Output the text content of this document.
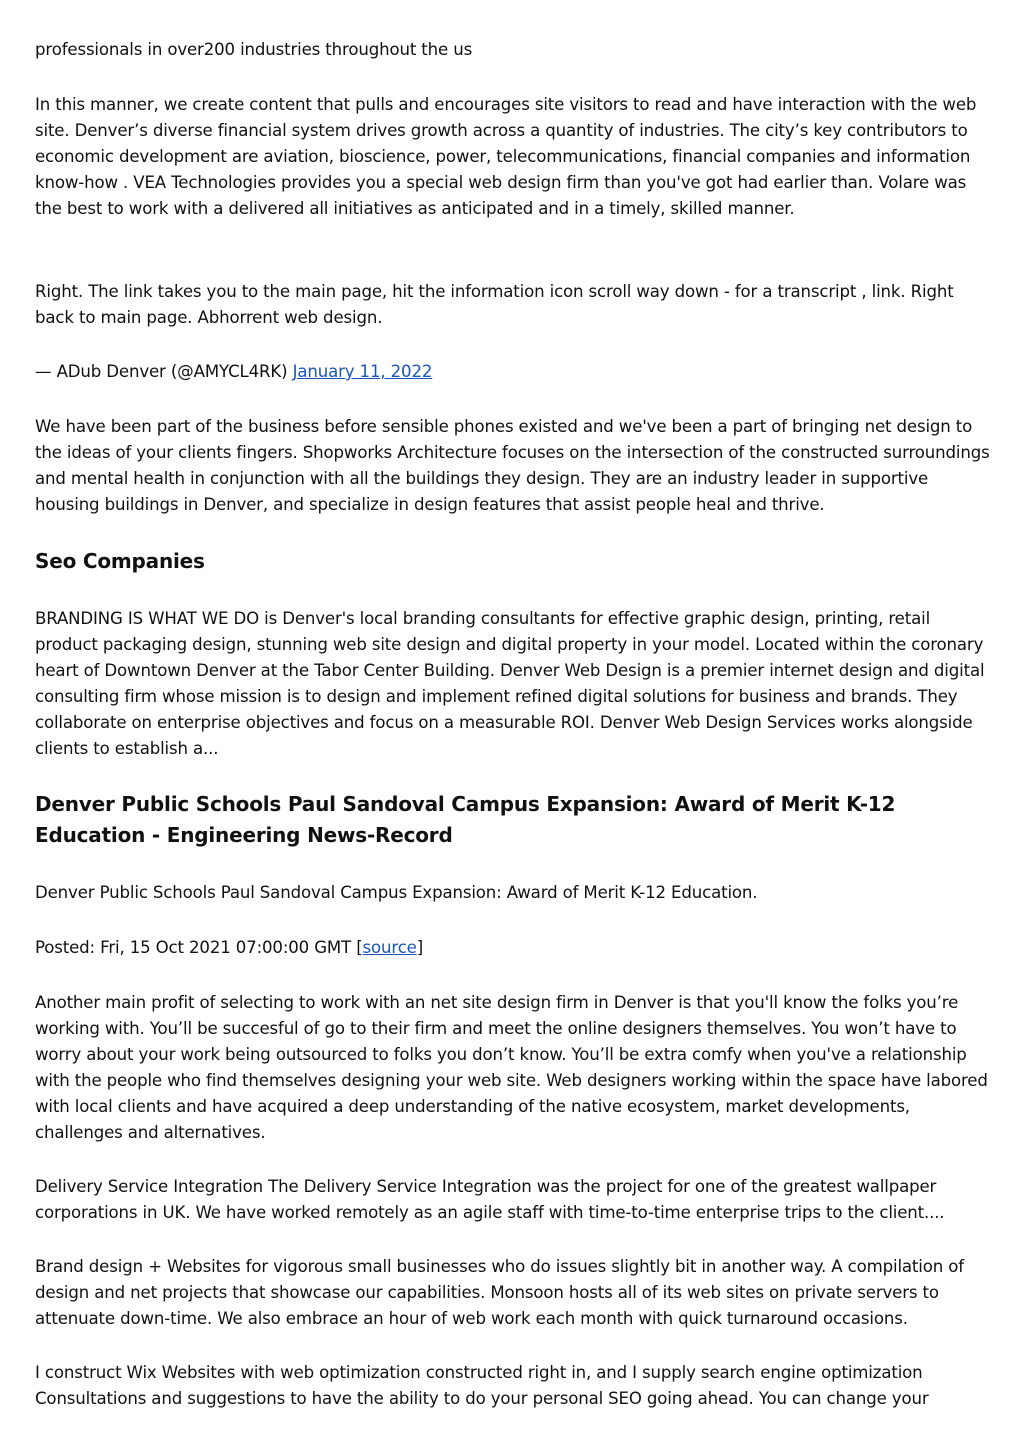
professionals in over200 industries throughout the us

In this manner, we create content that pulls and encourages site visitors to read and have interaction with the web site. Denver’s diverse financial system drives growth across a quantity of industries. The city’s key contributors to economic development are aviation, bioscience, power, telecommunications, financial companies and information know-how . VEA Technologies provides you a special web design firm than you've got had earlier than. Volare was the best to work with a delivered all initiatives as anticipated and in a timely, skilled manner.

Right. The link takes you to the main page, hit the information icon scroll way down - for a transcript , link. Right back to main page. Abhorrent web design.

— ADub Denver (@AMYCL4RK) January 11, 2022

We have been part of the business before sensible phones existed and we've been a part of bringing net design to the ideas of your clients fingers. Shopworks Architecture focuses on the intersection of the constructed surroundings and mental health in conjunction with all the buildings they design. They are an industry leader in supportive housing buildings in Denver, and specialize in design features that assist people heal and thrive.

Seo Companies

BRANDING IS WHAT WE DO is Denver's local branding consultants for effective graphic design, printing, retail product packaging design, stunning web site design and digital property in your model. Located within the coronary heart of Downtown Denver at the Tabor Center Building. Denver Web Design is a premier internet design and digital consulting firm whose mission is to design and implement refined digital solutions for business and brands. They collaborate on enterprise objectives and focus on a measurable ROI. Denver Web Design Services works alongside clients to establish a...

Denver Public Schools Paul Sandoval Campus Expansion: Award of Merit K-12 Education - Engineering News-Record

Denver Public Schools Paul Sandoval Campus Expansion: Award of Merit K-12 Education.

Posted: Fri, 15 Oct 2021 07:00:00 GMT [source]

Another main profit of selecting to work with an net site design firm in Denver is that you'll know the folks you’re working with. You’ll be succesful of go to their firm and meet the online designers themselves. You won’t have to worry about your work being outsourced to folks you don’t know. You’ll be extra comfy when you've a relationship with the people who find themselves designing your web site. Web designers working within the space have labored with local clients and have acquired a deep understanding of the native ecosystem, market developments, challenges and alternatives.

Delivery Service Integration The Delivery Service Integration was the project for one of the greatest wallpaper corporations in UK. We have worked remotely as an agile staff with time-to-time enterprise trips to the client....

Brand design + Websites for vigorous small businesses who do issues slightly bit in another way. A compilation of design and net projects that showcase our capabilities. Monsoon hosts all of its web sites on private servers to attenuate down-time. We also embrace an hour of web work each month with quick turnaround occasions.

I construct Wix Websites with web optimization constructed right in, and I supply search engine optimization Consultations and suggestions to have the ability to do your personal SEO going ahead. You can change your
